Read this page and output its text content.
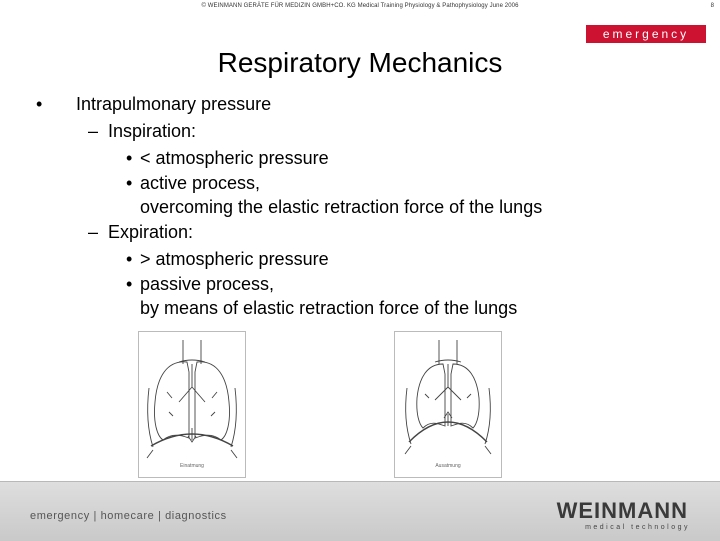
© WEINMANN GERÄTE FÜR MEDIZIN GMBH+CO. KG Medical Training Physiology & Pathophysiology June 2006	8
emergency
Respiratory Mechanics
• Intrapulmonary pressure
– Inspiration:
• < atmospheric pressure
• active process,
overcoming the elastic retraction force of the lungs
– Expiration:
• > atmospheric pressure
• passive process,
by means of elastic retraction force of the lungs
Einatmung	Ausatmung
emergency | homecare | diagnostics	WEINMANN
medical technology
